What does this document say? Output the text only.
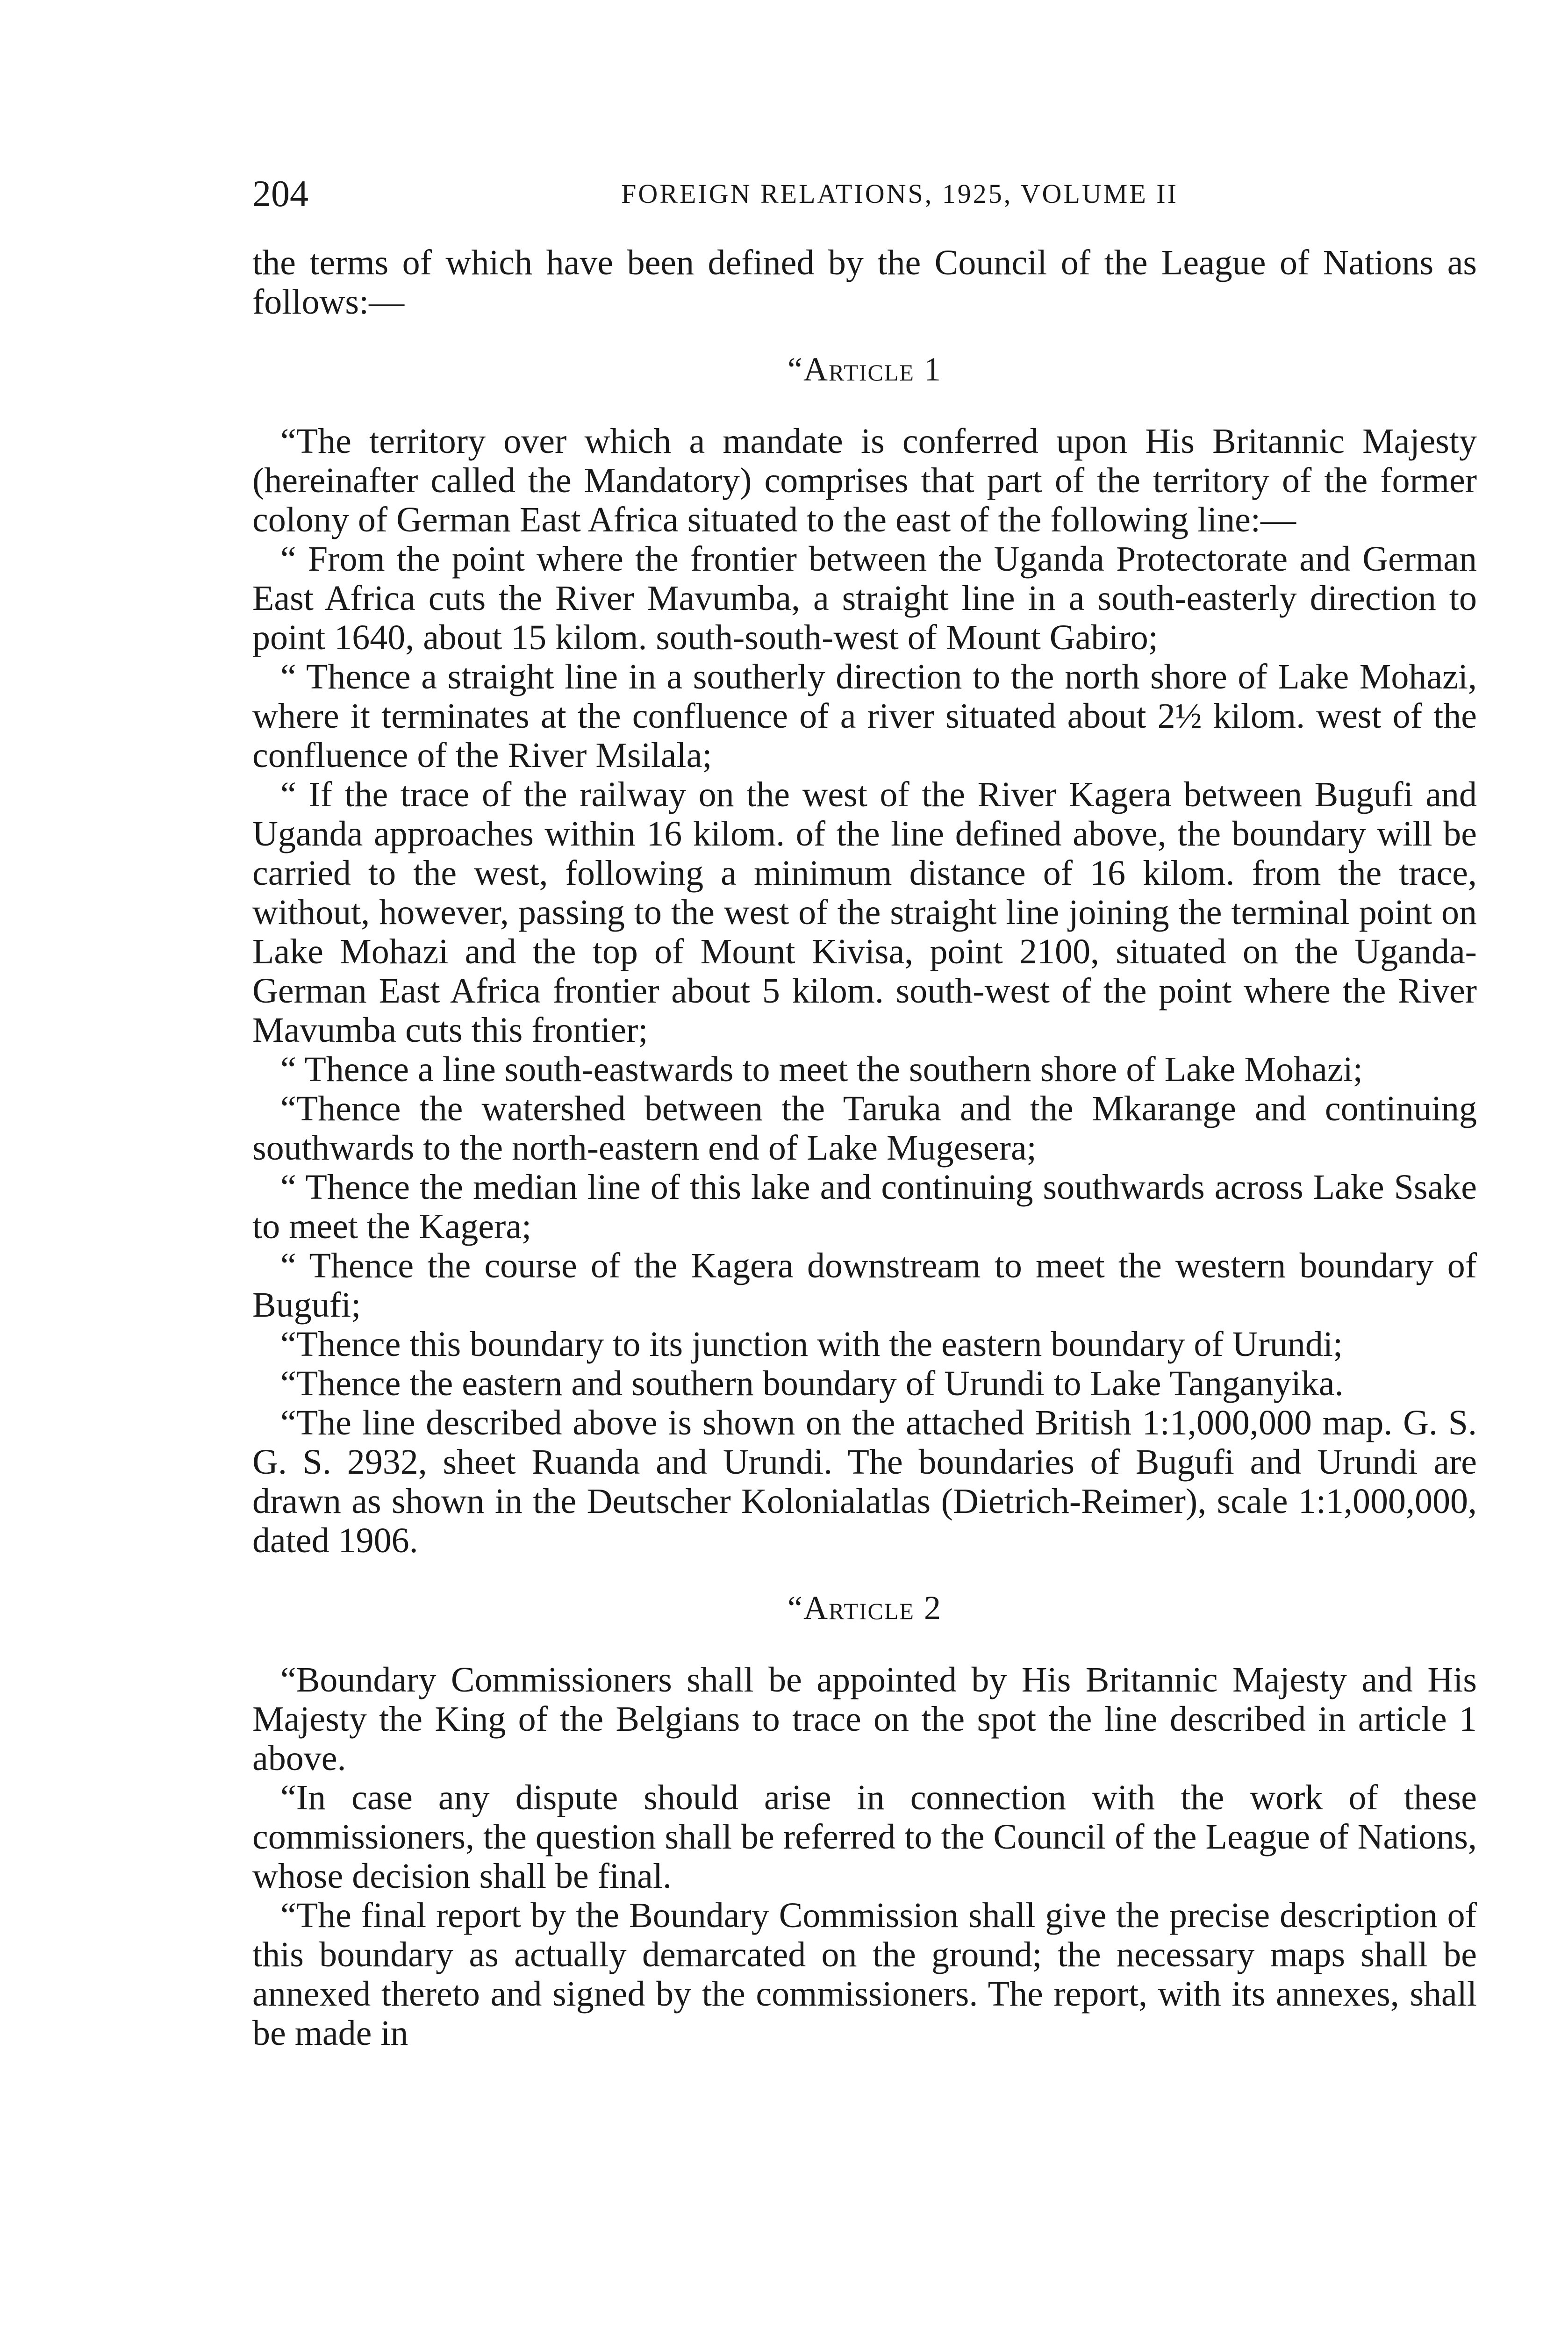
204	FOREIGN RELATIONS, 1925, VOLUME II

the terms of which have been defined by the Council of the League of Nations as follows:—

“Article 1

“The territory over which a mandate is conferred upon His Britannic Majesty (hereinafter called the Mandatory) comprises that part of the territory of the former colony of German East Africa situated to the east of the following line:—

“ From the point where the frontier between the Uganda Protectorate and German East Africa cuts the River Mavumba, a straight line in a south-easterly direction to point 1640, about 15 kilom. south-south-west of Mount Gabiro;

“ Thence a straight line in a southerly direction to the north shore of Lake Mohazi, where it terminates at the confluence of a river situated about 2½ kilom. west of the confluence of the River Msilala;

“ If the trace of the railway on the west of the River Kagera between Bugufi and Uganda approaches within 16 kilom. of the line defined above, the boundary will be carried to the west, following a minimum distance of 16 kilom. from the trace, without, however, passing to the west of the straight line joining the terminal point on Lake Mohazi and the top of Mount Kivisa, point 2100, situated on the Uganda-German East Africa frontier about 5 kilom. south-west of the point where the River Mavumba cuts this frontier;

“ Thence a line south-eastwards to meet the southern shore of Lake Mohazi;

“Thence the watershed between the Taruka and the Mkarange and continuing southwards to the north-eastern end of Lake Mugesera;

“ Thence the median line of this lake and continuing southwards across Lake Ssake to meet the Kagera;

“ Thence the course of the Kagera downstream to meet the western boundary of Bugufi;

“Thence this boundary to its junction with the eastern boundary of Urundi;

“Thence the eastern and southern boundary of Urundi to Lake Tanganyika.

“The line described above is shown on the attached British 1:1,000,000 map. G. S. G. S. 2932, sheet Ruanda and Urundi. The boundaries of Bugufi and Urundi are drawn as shown in the Deutscher Kolonialatlas (Dietrich-Reimer), scale 1:1,000,000, dated 1906.

“Article 2

“Boundary Commissioners shall be appointed by His Britannic Majesty and His Majesty the King of the Belgians to trace on the spot the line described in article 1 above.

“In case any dispute should arise in connection with the work of these commissioners, the question shall be referred to the Council of the League of Nations, whose decision shall be final.

“The final report by the Boundary Commission shall give the precise description of this boundary as actually demarcated on the ground; the necessary maps shall be annexed thereto and signed by the commissioners. The report, with its annexes, shall be made in
